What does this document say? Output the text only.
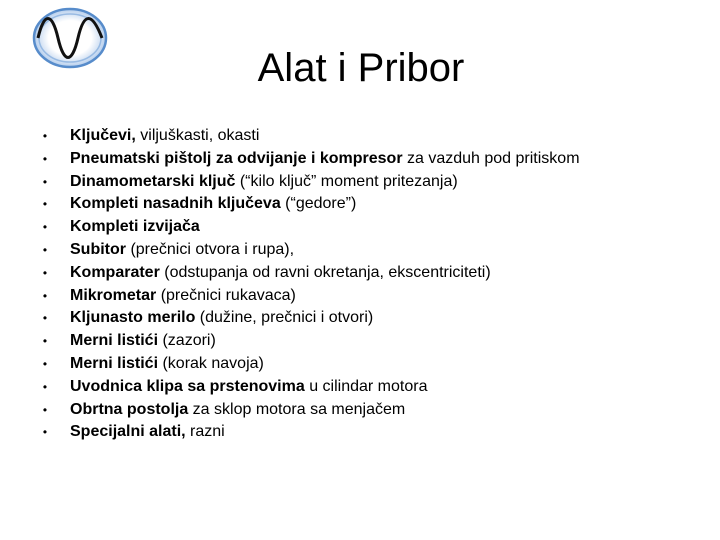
Alat i Pribor
• Ključevi, viljuškasti, okasti
• Pneumatski pištolj za odvijanje i kompresor za vazduh pod pritiskom
• Dinamometarski ključ (“kilo ključ” moment pritezanja)
• Kompleti nasadnih ključeva (“gedore”)
• Kompleti izvijača
• Subitor (prečnici otvora i rupa),
• Komparater (odstupanja od ravni okretanja, ekscentriciteti)
• Mikrometar (prečnici rukavaca)
• Kljunasto merilo (dužine, prečnici i otvori)
• Merni listići (zazori)
• Merni listići (korak navoja)
• Uvodnica klipa sa prstenovima u cilindar motora
• Obrtna postolja za sklop motora sa menjačem
• Specijalni alati, razni
